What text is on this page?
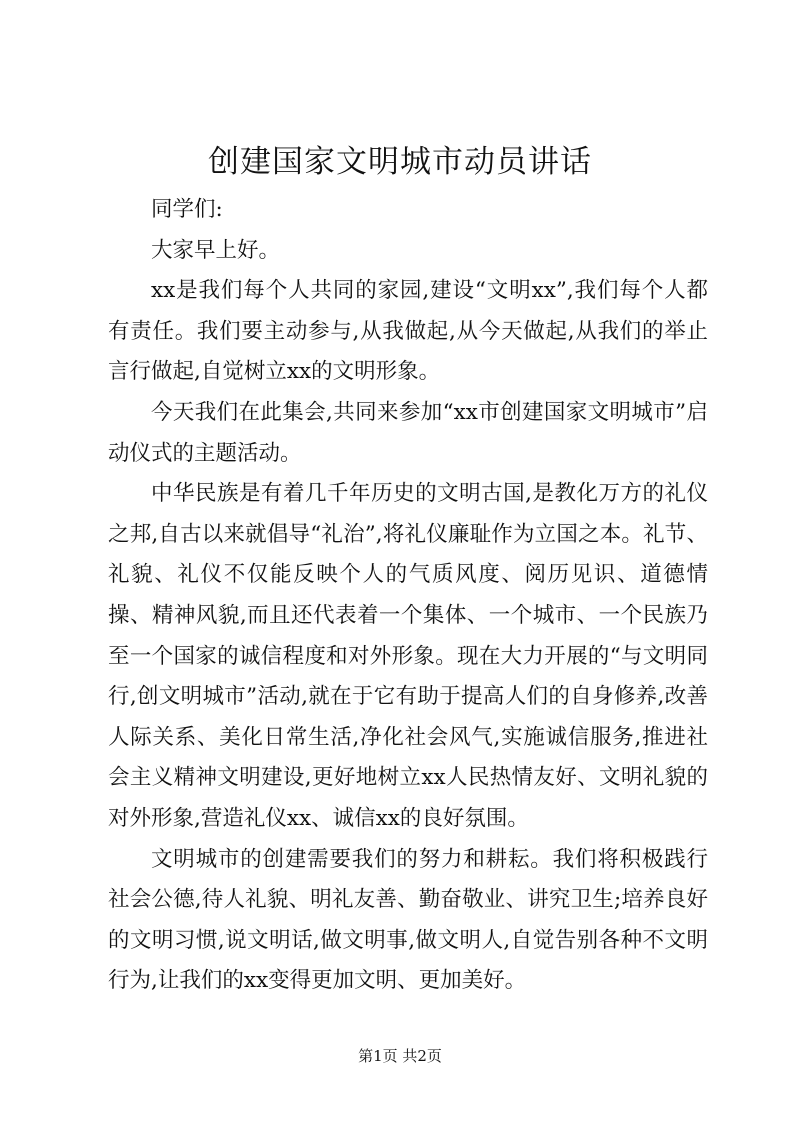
创建国家文明城市动员讲话

同学们:

大家早上好。

xx是我们每个人共同的家园,建设“文明xx”,我们每个人都有责任。我们要主动参与,从我做起,从今天做起,从我们的举止言行做起,自觉树立xx的文明形象。

今天我们在此集会,共同来参加“xx市创建国家文明城市”启动仪式的主题活动。

中华民族是有着几千年历史的文明古国,是教化万方的礼仪之邦,自古以来就倡导“礼治”,将礼仪廉耻作为立国之本。礼节、礼貌、礼仪不仅能反映个人的气质风度、阅历见识、道德情操、精神风貌,而且还代表着一个集体、一个城市、一个民族乃至一个国家的诚信程度和对外形象。现在大力开展的“与文明同行,创文明城市”活动,就在于它有助于提高人们的自身修养,改善人际关系、美化日常生活,净化社会风气,实施诚信服务,推进社会主义精神文明建设,更好地树立xx人民热情友好、文明礼貌的对外形象,营造礼仪xx、诚信xx的良好氛围。

文明城市的创建需要我们的努力和耕耘。我们将积极践行社会公德,待人礼貌、明礼友善、勤奋敬业、讲究卫生;培养良好的文明习惯,说文明话,做文明事,做文明人,自觉告别各种不文明行为,让我们的xx变得更加文明、更加美好。

第1页 共2页
